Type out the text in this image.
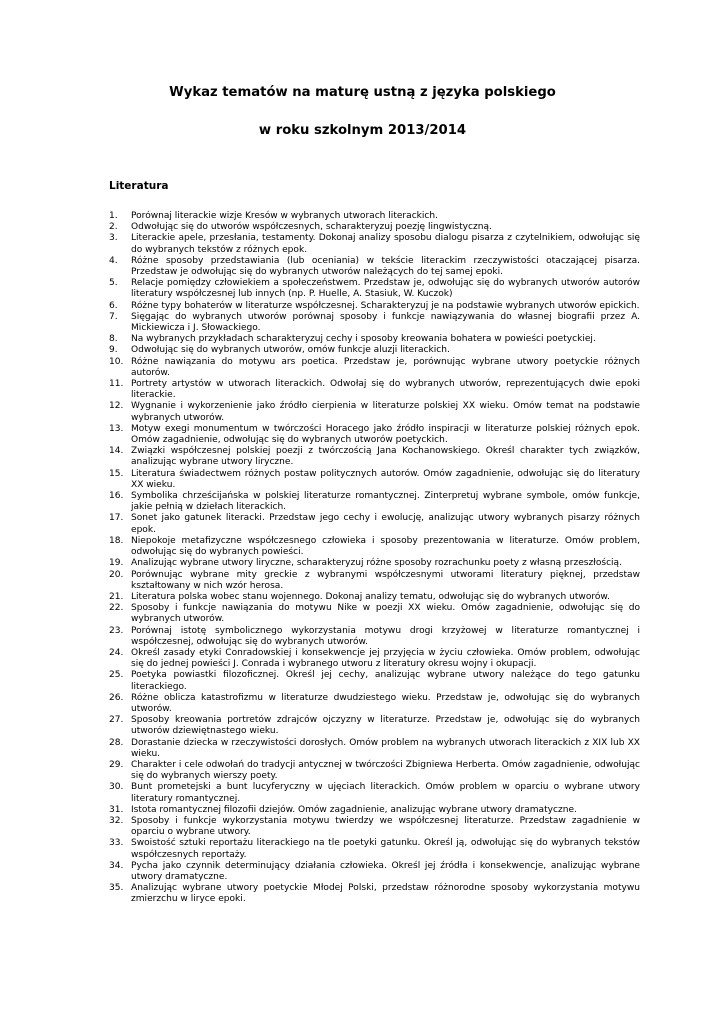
Wykaz tematów na maturę ustną z języka polskiego
w roku szkolnym 2013/2014
Literatura
1.	Porównaj literackie wizje Kresów w wybranych utworach literackich.
2.	Odwołując się do utworów współczesnych, scharakteryzuj poezję lingwistyczną.
3.	Literackie apele, przesłania, testamenty. Dokonaj analizy sposobu dialogu pisarza z czytelnikiem, odwołując się do wybranych tekstów z różnych epok.
4.	Różne sposoby przedstawiania (lub oceniania) w tekście literackim rzeczywistości otaczającej pisarza. Przedstaw je odwołując się do wybranych utworów należących do tej samej epoki.
5.	Relacje pomiędzy człowiekiem a społeczeństwem. Przedstaw je, odwołując się do wybranych utworów autorów literatury współczesnej lub innych (np. P. Huelle, A. Stasiuk, W. Kuczok)
6.	Różne typy bohaterów w literaturze współczesnej. Scharakteryzuj je na podstawie wybranych utworów epickich.
7.	Sięgając do wybranych utworów porównaj sposoby i funkcje nawiązywania do własnej biografii przez A. Mickiewicza i J. Słowackiego.
8.	Na wybranych przykładach scharakteryzuj cechy i sposoby kreowania bohatera w powieści poetyckiej.
9.	Odwołując się do wybranych utworów, omów funkcje aluzji literackich.
10. Różne nawiązania do motywu ars poetica. Przedstaw je, porównując wybrane utwory poetyckie różnych autorów.
11. Portrety artystów w utworach literackich. Odwołaj się do wybranych utworów, reprezentujących dwie epoki literackie.
12. Wygnanie i wykorzenienie jako źródło cierpienia w literaturze polskiej XX wieku. Omów temat na podstawie wybranych utworów.
13. Motyw exegi monumentum w twórczości Horacego jako źródło inspiracji w literaturze polskiej różnych epok. Omów zagadnienie, odwołując się do wybranych utworów poetyckich.
14. Związki współczesnej polskiej poezji z twórczością Jana Kochanowskiego. Określ charakter tych związków, analizując wybrane utwory liryczne.
15. Literatura świadectwem różnych postaw politycznych autorów. Omów zagadnienie, odwołując się do literatury XX wieku.
16. Symbolika chrześcijańska w polskiej literaturze romantycznej. Zinterpretuj wybrane symbole, omów funkcje, jakie pełnią w dziełach literackich.
17. Sonet jako gatunek literacki. Przedstaw jego cechy i ewolucję, analizując utwory wybranych pisarzy różnych epok.
18. Niepokoje metafizyczne współczesnego człowieka i sposoby prezentowania w literaturze. Omów problem, odwołując się do wybranych powieści.
19. Analizując wybrane utwory liryczne, scharakteryzuj różne sposoby rozrachunku poety z własną przeszłością.
20. Porównując wybrane mity greckie z wybranymi współczesnymi utworami literatury pięknej, przedstaw kształtowany w nich wzór herosa.
21. Literatura polska wobec stanu wojennego. Dokonaj analizy tematu, odwołując się do wybranych utworów.
22. Sposoby i funkcje nawiązania do motywu Nike w poezji XX wieku. Omów zagadnienie, odwołując się do wybranych utworów.
23. Porównaj istotę symbolicznego wykorzystania motywu drogi krzyżowej w literaturze romantycznej i współczesnej, odwołując się do wybranych utworów.
24. Określ zasady etyki Conradowskiej i konsekwencje jej przyjęcia w życiu człowieka. Omów problem, odwołując się do jednej powieści J. Conrada i wybranego utworu z literatury okresu wojny i okupacji.
25. Poetyka powiastki filozoficznej. Określ jej cechy, analizując wybrane utwory należące do tego gatunku literackiego.
26. Różne oblicza katastrofizmu w literaturze dwudziestego wieku. Przedstaw je, odwołując się do wybranych utworów.
27. Sposoby kreowania portretów zdrajców ojczyzny w literaturze. Przedstaw je, odwołując się do wybranych utworów dziewiętnastego wieku.
28. Dorastanie dziecka w rzeczywistości dorosłych. Omów problem na wybranych utworach literackich z XIX lub XX wieku.
29. Charakter i cele odwołań do tradycji antycznej w twórczości Zbigniewa Herberta. Omów zagadnienie, odwołując się do wybranych wierszy poety.
30. Bunt prometejski a bunt lucyferyczny w ujęciach literackich. Omów problem w oparciu o wybrane utwory literatury romantycznej.
31. Istota romantycznej filozofii dziejów. Omów zagadnienie, analizując wybrane utwory dramatyczne.
32. Sposoby i funkcje wykorzystania motywu twierdzy we współczesnej literaturze. Przedstaw zagadnienie w oparciu o wybrane utwory.
33. Swoistość sztuki reportażu literackiego na tle poetyki gatunku. Określ ją, odwołując się do wybranych tekstów współczesnych reportaży.
34. Pycha jako czynnik determinujący działania człowieka. Określ jej źródła i konsekwencje, analizując wybrane utwory dramatyczne.
35. Analizując wybrane utwory poetyckie Młodej Polski, przedstaw różnorodne sposoby wykorzystania motywu zmierzchu w liryce epoki.
